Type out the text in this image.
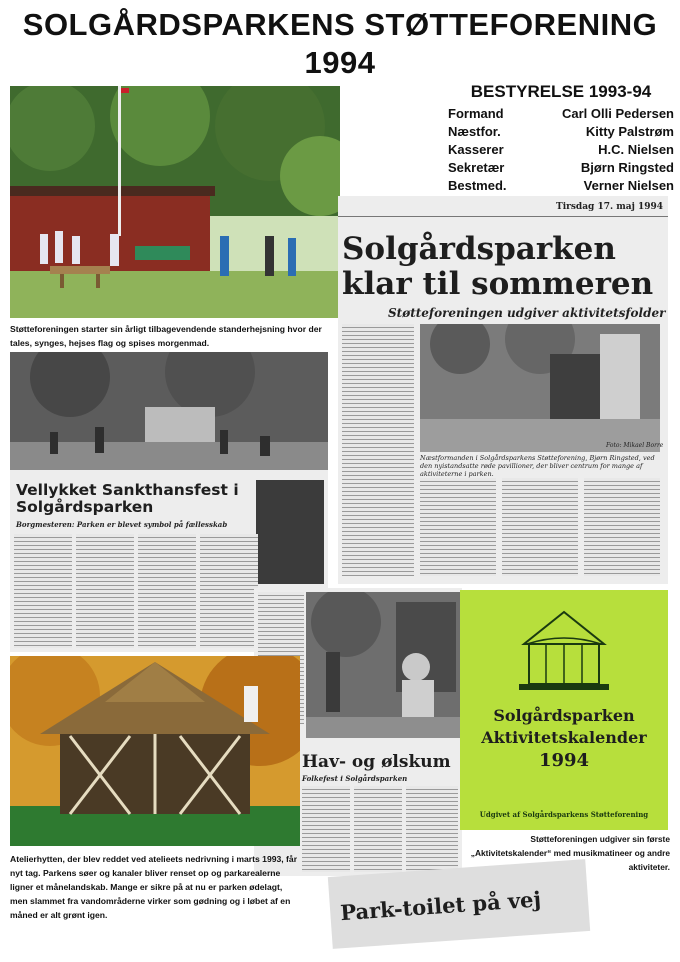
SOLGÅRDSPARKENS STØTTEFORENING
1994
BESTYRELSE 1993-94
Formand	Carl Olli Pedersen
Næstfor.	Kitty Palstrøm
Kasserer	H.C. Nielsen
Sekretær	Bjørn Ringsted
Bestmed.	Verner Nielsen
Støtteforeningen starter sin årligt tilbagevendende standerhejsning hvor der tales, synges, hejses flag og spises morgenmad.
Tirsdag 17. maj 1994
Solgårdsparken klar til sommeren
Støtteforeningen udgiver aktivitetsfolder
Næstformanden i Solgårdsparkens Støtteforening, Bjørn Ringsted, ved den nyistandsatte røde pavillioner, der bliver centrum for mange af aktiviteterne i parken.
Foto: Mikael Borre
Vellykket Sankthansfest i Solgårdsparken
Borgmesteren: Parken er blevet symbol på fællesskab
Hav- og ølskum
Folkefest i Solgårdsparken
Solgårdsparken
Aktivitetskalender
1994
Udgivet af Solgårdsparkens Støtteforening
Støtteforeningen udgiver sin første „Aktivitetskalender“ med musikmatineer og andre aktiviteter.
Atelierhytten, der blev reddet ved atelieets nedrivning i marts 1993, får nyt tag. Parkens søer og kanaler bliver renset op og parkarealerne ligner et månelandskab. Mange er sikre på at nu er parken ødelagt, men slammet fra vandområderne virker som gødning og i løbet af en måned er alt grønt igen.	Park-toilet på vej
